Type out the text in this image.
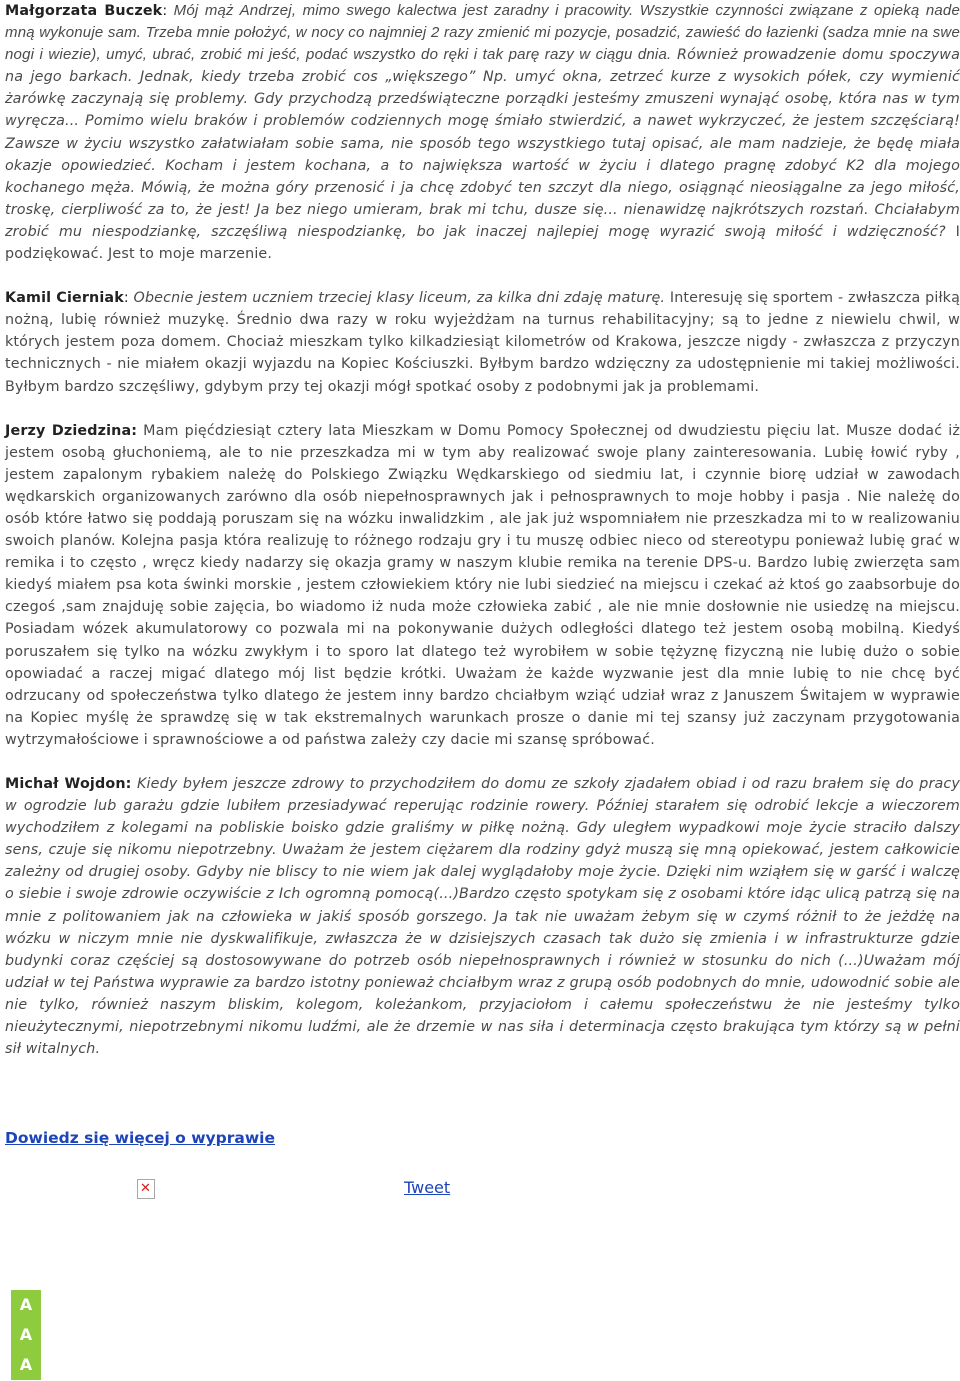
Małgorzata Buczek: Mój mąż Andrzej, mimo swego kalectwa jest zaradny i pracowity. Wszystkie czynności związane z opieką nade mną wykonuje sam. Trzeba mnie położyć, w nocy co najmniej 2 razy zmienić mi pozycje, posadzić, zawieść do łazienki (sadza mnie na swe nogi i wiezie), umyć, ubrać, zrobić mi jeść, podać wszystko do ręki i tak parę razy w ciągu dnia. Również prowadzenie domu spoczywa na jego barkach. Jednak, kiedy trzeba zrobić cos „większego” Np. umyć okna, zetrzeć kurze z wysokich półek, czy wymienić żarówkę zaczynają się problemy. Gdy przychodzą przedświąteczne porządki jesteśmy zmuszeni wynająć osobę, która nas w tym wyręcza... Pomimo wielu braków i problemów codziennych mogę śmiało stwierdzić, a nawet wykrzyczeć, że jestem szczęściarą! Zawsze w życiu wszystko załatwiałam sobie sama, nie sposób tego wszystkiego tutaj opisać, ale mam nadzieje, że będę miała okazje opowiedzieć. Kocham i jestem kochana, a to największa wartość w życiu i dlatego pragnę zdobyć K2 dla mojego kochanego męża. Mówią, że można góry przenosić i ja chcę zdobyć ten szczyt dla niego, osiągnąć nieosiągalne za jego miłość, troskę, cierpliwość za to, że jest! Ja bez niego umieram, brak mi tchu, dusze się... nienawidzę najkrótszych rozstań. Chciałabym zrobić mu niespodziankę, szczęśliwą niespodziankę, bo jak inaczej najlepiej mogę wyrazić swoją miłość i wdzięczność? I podziękować. Jest to moje marzenie.

Kamil Cierniak: Obecnie jestem uczniem trzeciej klasy liceum, za kilka dni zdaję maturę. Interesuję się sportem - zwłaszcza piłką nożną, lubię również muzykę. Średnio dwa razy w roku wyjeżdżam na turnus rehabilitacyjny; są to jedne z niewielu chwil, w których jestem poza domem. Chociaż mieszkam tylko kilkadziesiąt kilometrów od Krakowa, jeszcze nigdy - zwłaszcza z przyczyn technicznych - nie miałem okazji wyjazdu na Kopiec Kościuszki. Byłbym bardzo wdzięczny za udostępnienie mi takiej możliwości. Byłbym bardzo szczęśliwy, gdybym przy tej okazji mógł spotkać osoby z podobnymi jak ja problemami.

Jerzy Dziedzina: Mam pięćdziesiąt cztery lata Mieszkam w Domu Pomocy Społecznej od dwudziestu pięciu lat. Musze dodać iż jestem osobą głuchoniemą, ale to nie przeszkadza mi w tym aby realizować swoje plany zainteresowania. Lubię łowić ryby , jestem zapalonym rybakiem należę do Polskiego Związku Wędkarskiego od siedmiu lat, i czynnie biorę udział w zawodach wędkarskich organizowanych zarówno dla osób niepełnosprawnych jak i pełnosprawnych to moje hobby i pasja . Nie należę do osób które łatwo się poddają poruszam się na wózku inwalidzkim , ale jak już wspomniałem nie przeszkadza mi to w realizowaniu swoich planów. Kolejna pasja która realizuję to różnego rodzaju gry i tu muszę odbiec nieco od stereotypu ponieważ lubię grać w remika i to często , wręcz kiedy nadarzy się okazja gramy w naszym klubie remika na terenie DPS-u. Bardzo lubię zwierzęta sam kiedyś miałem psa kota świnki morskie , jestem człowiekiem który nie lubi siedzieć na miejscu i czekać aż ktoś go zaabsorbuje do czegoś ,sam znajduję sobie zajęcia, bo wiadomo iż nuda może człowieka zabić , ale nie mnie dosłownie nie usiedzę na miejscu. Posiadam wózek akumulatorowy co pozwala mi na pokonywanie dużych odległości dlatego też jestem osobą mobilną. Kiedyś poruszałem się tylko na wózku zwykłym i to sporo lat dlatego też wyrobiłem w sobie tężyznę fizyczną nie lubię dużo o sobie opowiadać a raczej migać dlatego mój list będzie krótki. Uważam że każde wyzwanie jest dla mnie lubię to nie chcę być odrzucany od społeczeństwa tylko dlatego że jestem inny bardzo chciałbym wziąć udział wraz z Januszem Świtajem w wyprawie na Kopiec myślę że sprawdzę się w tak ekstremalnych warunkach prosze o danie mi tej szansy już zaczynam przygotowania wytrzymałościowe i sprawnościowe a od państwa zależy czy dacie mi szansę spróbować.

Michał Wojdon: Kiedy byłem jeszcze zdrowy to przychodziłem do domu ze szkoły zjadałem obiad i od razu brałem się do pracy w ogrodzie lub garażu gdzie lubiłem przesiadywać reperując rodzinie rowery. Później starałem się odrobić lekcje a wieczorem wychodziłem z kolegami na pobliskie boisko gdzie graliśmy w piłkę nożną. Gdy uległem wypadkowi moje życie straciło dalszy sens, czuje się nikomu niepotrzebny. Uważam że jestem ciężarem dla rodziny gdyż muszą się mną opiekować, jestem całkowicie zależny od drugiej osoby. Gdyby nie bliscy to nie wiem jak dalej wyglądałoby moje życie. Dzięki nim wziąłem się w garść i walczę o siebie i swoje zdrowie oczywiście z Ich ogromną pomocą(...)Bardzo często spotykam się z osobami które idąc ulicą patrzą się na mnie z politowaniem jak na człowieka w jakiś sposób gorszego. Ja tak nie uważam żebym się w czymś różnił to że jeżdżę na wózku w niczym mnie nie dyskwalifikuje, zwłaszcza że w dzisiejszych czasach tak dużo się zmienia i w infrastrukturze gdzie budynki coraz częściej są dostosowywane do potrzeb osób niepełnosprawnych i również w stosunku do nich (...)Uważam mój udział w tej Państwa wyprawie za bardzo istotny ponieważ chciałbym wraz z grupą osób podobnych do mnie, udowodnić sobie ale nie tylko, również naszym bliskim, kolegom, koleżankom, przyjaciołom i całemu społeczeństwu że nie jesteśmy tylko nieużytecznymi, niepotrzebnymi nikomu ludźmi, ale że drzemie w nas siła i determinacja często brakująca tym którzy są w pełni sił witalnych.

Dowiedz się więcej o wyprawie
✕	Tweet
A
A
A
